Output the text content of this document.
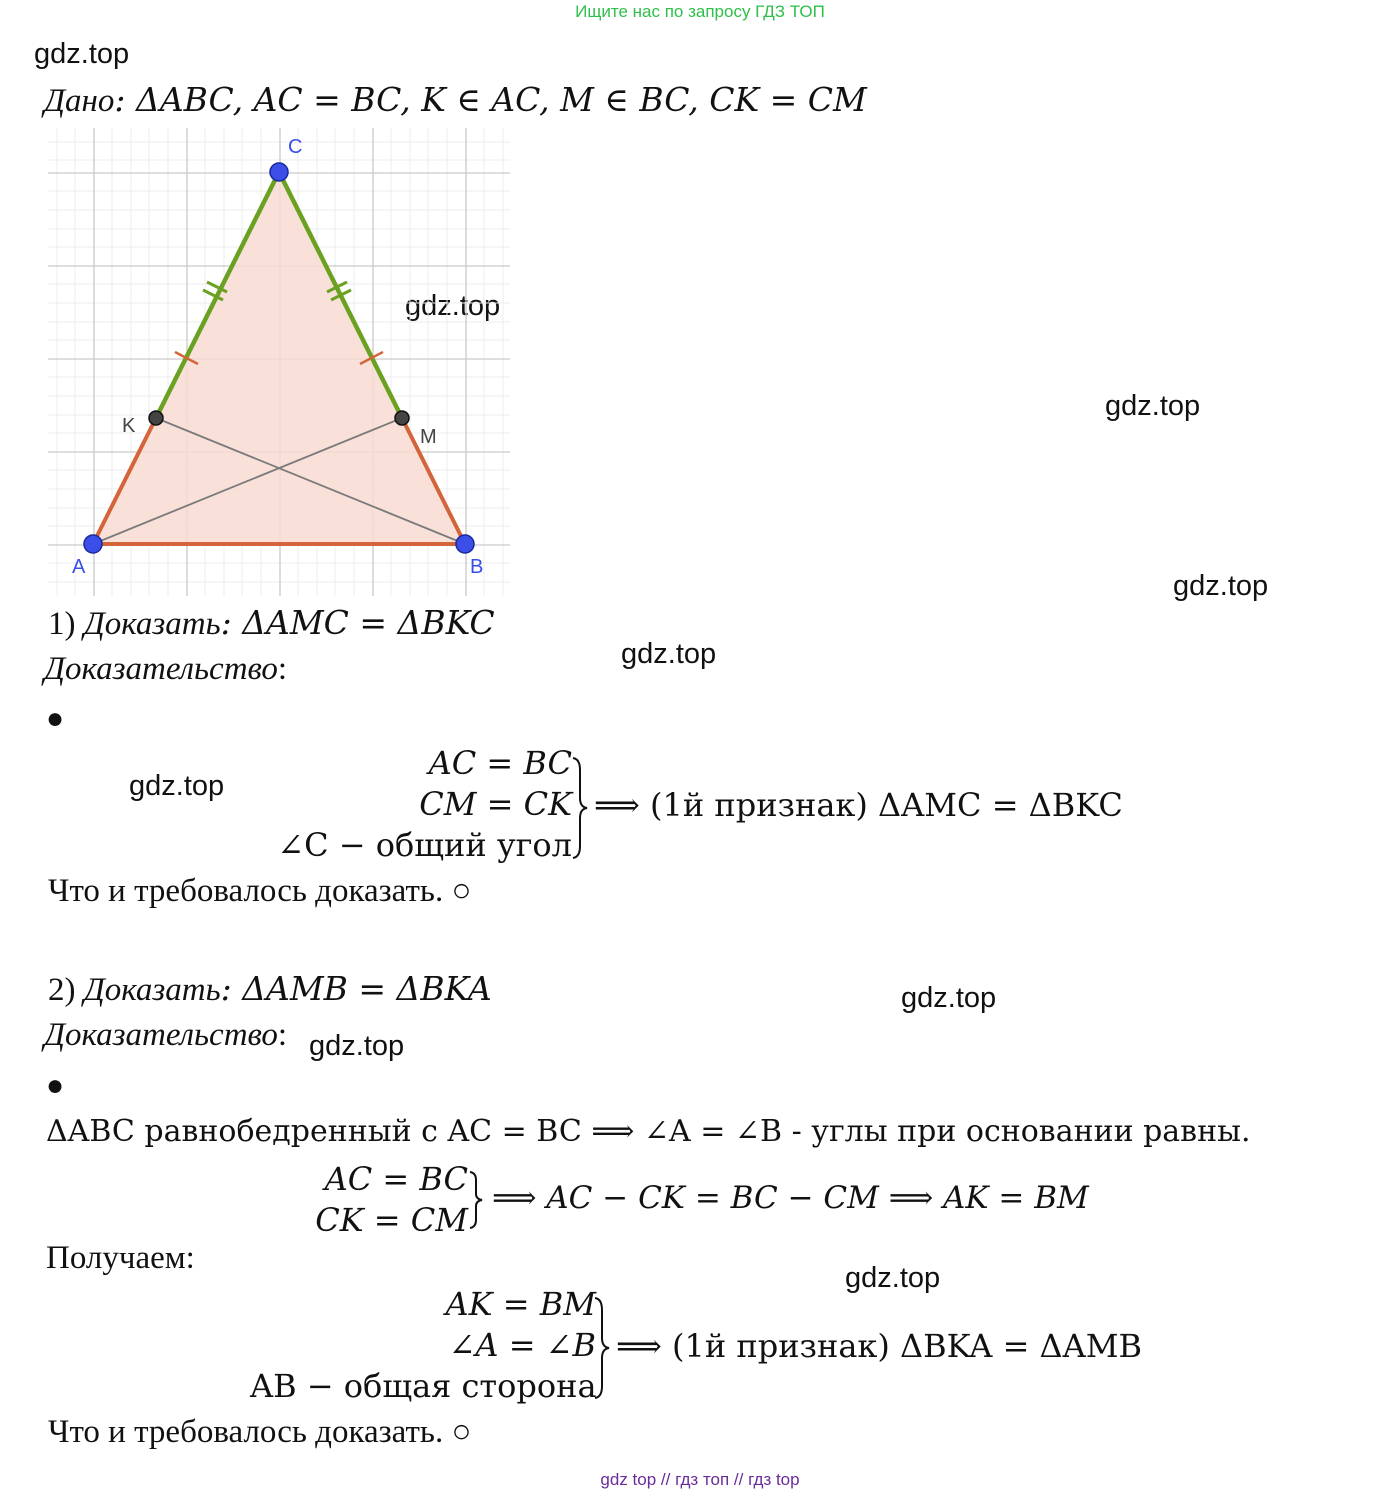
Ищите нас по запросу ГДЗ ТОП
gdz.top
gdz.top
gdz.top
gdz.top
gdz.top
gdz.top
gdz.top
gdz.top
gdz.top
Дано: ΔABC, AC = BC, K ∈ AC, M ∈ BC, CK = CM
C
A	B
K	M
1) Доказать: ΔAMC = ΔBKC
Доказательство:
●
AC = BC
CM = CK
∠C − общий угол
⟹ (1й признак) ΔAMC = ΔBKC
Что и требовалось доказать. ○
2) Доказать: ΔAMB = ΔBKA
Доказательство:
●
ΔABC равнобедренный с AC = BC ⟹ ∠A = ∠B - углы при основании равны.
AC = BC
CK = CM
⟹ AC − CK = BC − CM ⟹ AK = BM
Получаем:
AK = BM
∠A = ∠B
AB − общая сторона
⟹ (1й признак) ΔBKA = ΔAMB
Что и требовалось доказать. ○
gdz top // гдз топ // гдз top
